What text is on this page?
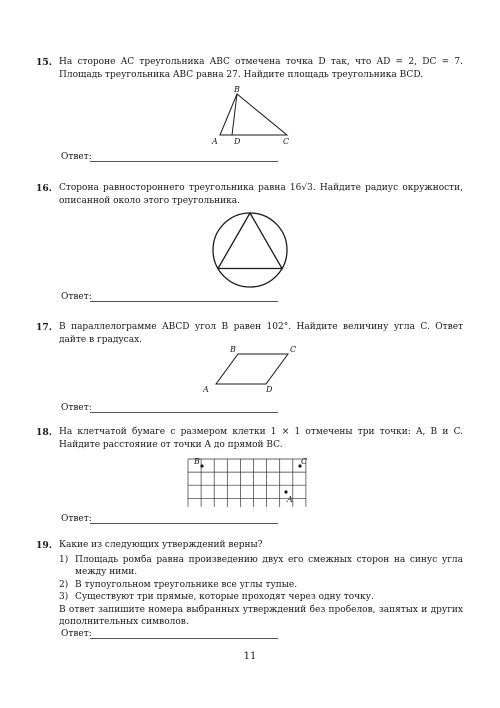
15. На стороне AC треугольника ABC отмечена точка D так, что AD = 2, DC = 7. Площадь треугольника ABC равна 27. Найдите площадь треугольника BCD.
B
A D	C
Ответ:
16. Сторона равностороннего треугольника равна 16√3. Найдите радиус окружности, описанной около этого треугольника.
Ответ:
17. В параллелограмме ABCD угол B равен 102°. Найдите величину угла C. Ответ дайте в градусах.
B	C
A	D
Ответ:
18. На клетчатой бумаге с размером клетки 1 × 1 отмечены три точки: A, B и C. Найдите расстояние от точки A до прямой BC.
B	C
A
Ответ:
19. Какие из следующих утверждений верны?
1) Площадь ромба равна произведению двух его смежных сторон на синус угла между ними.
2) В тупоугольном треугольнике все углы тупые.
3) Существуют три прямые, которые проходят через одну точку.
В ответ запишите номера выбранных утверждений без пробелов, запятых и других дополнительных символов.
Ответ:
11
